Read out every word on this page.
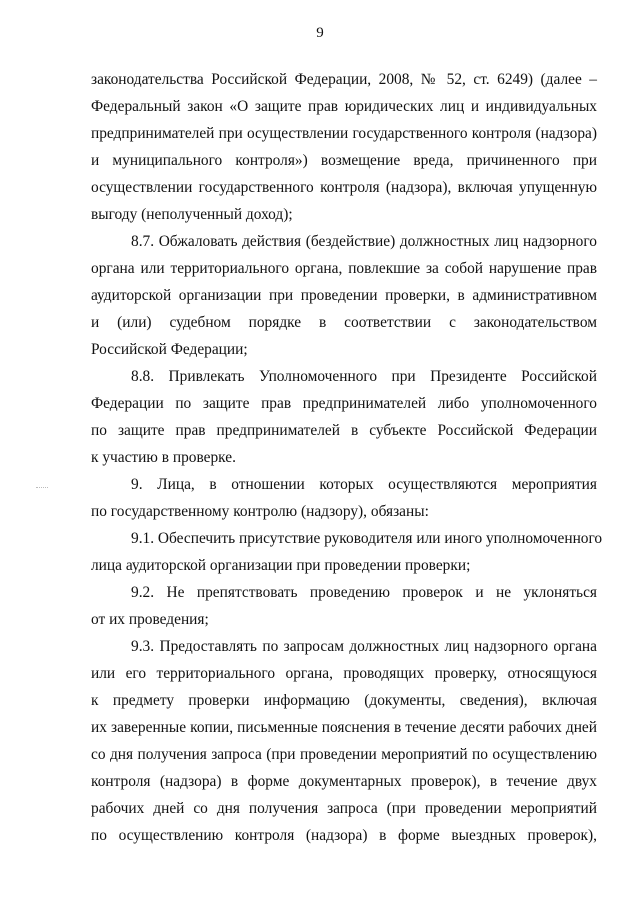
9
законодательства Российской Федерации, 2008, № 52, ст. 6249) (далее –
Федеральный закон «О защите прав юридических лиц и индивидуальных
предпринимателей при осуществлении государственного контроля (надзора)
и муниципального контроля») возмещение вреда, причиненного при
осуществлении государственного контроля (надзора), включая упущенную
выгоду (неполученный доход);
8.7. Обжаловать действия (бездействие) должностных лиц надзорного
органа или территориального органа, повлекшие за собой нарушение прав
аудиторской организации при проведении проверки, в административном
и (или) судебном порядке в соответствии с законодательством
Российской Федерации;
8.8. Привлекать Уполномоченного при Президенте Российской
Федерации по защите прав предпринимателей либо уполномоченного
по защите прав предпринимателей в субъекте Российской Федерации
к участию в проверке.
9. Лица, в отношении которых осуществляются мероприятия
по государственному контролю (надзору), обязаны:
9.1. Обеспечить присутствие руководителя или иного уполномоченного
лица аудиторской организации при проведении проверки;
9.2. Не препятствовать проведению проверок и не уклоняться
от их проведения;
9.3. Предоставлять по запросам должностных лиц надзорного органа
или его территориального органа, проводящих проверку, относящуюся
к предмету проверки информацию (документы, сведения), включая
их заверенные копии, письменные пояснения в течение десяти рабочих дней
со дня получения запроса (при проведении мероприятий по осуществлению
контроля (надзора) в форме документарных проверок), в течение двух
рабочих дней со дня получения запроса (при проведении мероприятий
по осуществлению контроля (надзора) в форме выездных проверок),
